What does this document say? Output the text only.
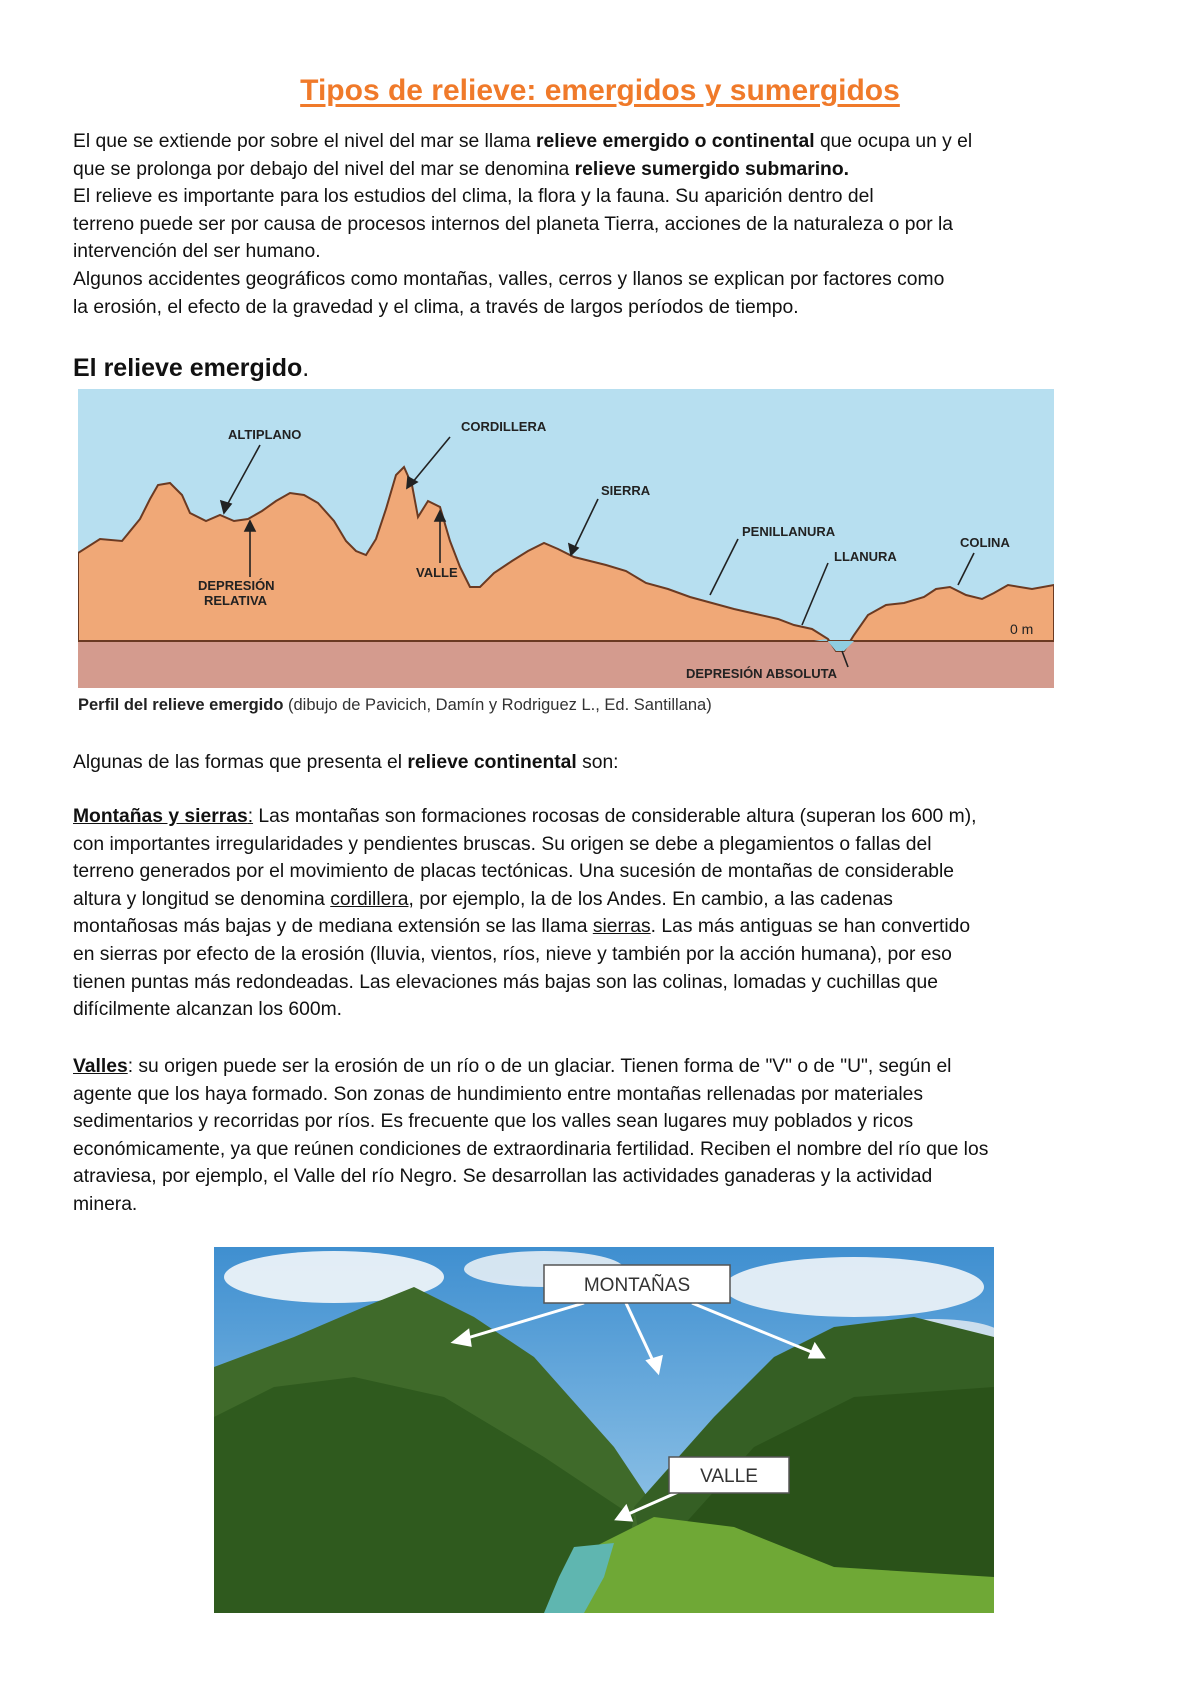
Tipos de relieve: emergidos y sumergidos

El que se extiende por sobre el nivel del mar se llama relieve emergido o continental que ocupa un y el
que se prolonga por debajo del nivel del mar se denomina relieve sumergido submarino.
El relieve es importante para los estudios del clima, la flora y la fauna. Su aparición dentro del
terreno puede ser por causa de procesos internos del planeta Tierra, acciones de la naturaleza o por la
intervención del ser humano.
Algunos accidentes geográficos como montañas, valles, cerros y llanos se explican por factores como
la erosión, el efecto de la gravedad y el clima, a través de largos períodos de tiempo.

El relieve emergido.
ALTIPLANO
CORDILLERA
SIERRA
PENILLANURA
LLANURA
COLINA
DEPRESIÓN
RELATIVA
VALLE
DEPRESIÓN ABSOLUTA
0 m

Perfil del relieve emergido (dibujo de Pavicich, Damín y Rodriguez L., Ed. Santillana)

Algunas de las formas que presenta el relieve continental son:

Montañas y sierras: Las montañas son formaciones rocosas de considerable altura (superan los 600 m),
con importantes irregularidades y pendientes bruscas. Su origen se debe a plegamientos o fallas del
terreno generados por el movimiento de placas tectónicas. Una sucesión de montañas de considerable
altura y longitud se denomina cordillera, por ejemplo, la de los Andes. En cambio, a las cadenas
montañosas más bajas y de mediana extensión se las llama sierras. Las más antiguas se han convertido
en sierras por efecto de la erosión (lluvia, vientos, ríos, nieve y también por la acción humana), por eso
tienen puntas más redondeadas. Las elevaciones más bajas son las colinas, lomadas y cuchillas que
difícilmente alcanzan los 600m.

Valles: su origen puede ser la erosión de un río o de un glaciar. Tienen forma de "V" o de "U", según el
agente que los haya formado. Son zonas de hundimiento entre montañas rellenadas por materiales
sedimentarios y recorridas por ríos. Es frecuente que los valles sean lugares muy poblados y ricos
económicamente, ya que reúnen condiciones de extraordinaria fertilidad. Reciben el nombre del río que los
atraviesa, por ejemplo, el Valle del río Negro. Se desarrollan las actividades ganaderas y la actividad
minera.

MONTAÑAS
VALLE
